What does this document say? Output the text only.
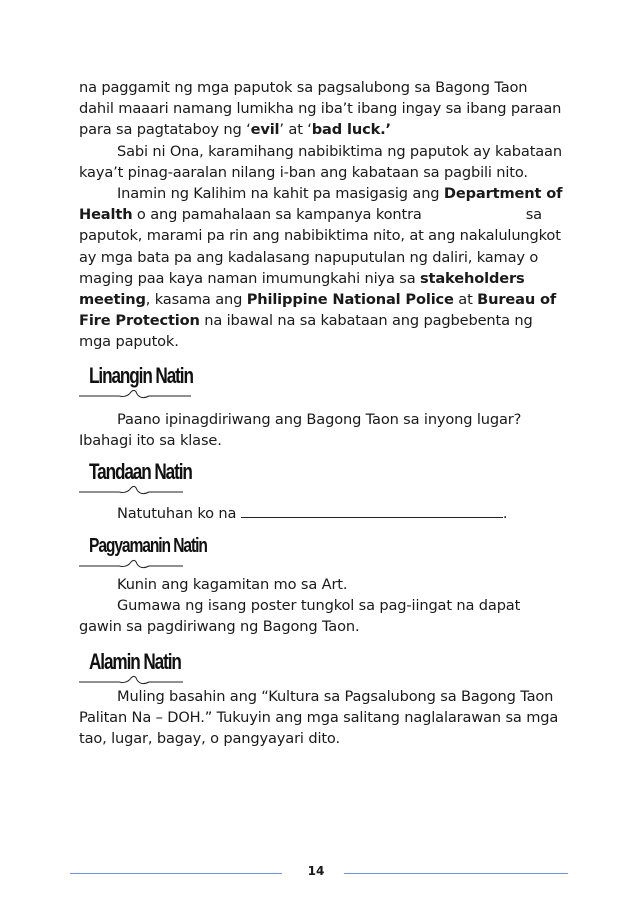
na paggamit ng mga paputok sa pagsalubong sa Bagong Taon dahil maaari namang lumikha ng iba’t ibang ingay sa ibang paraan para sa pagtataboy ng ‘evil’ at ‘bad luck.’

Sabi ni Ona, karamihang nabibiktima ng paputok ay kabataan kaya’t pinag-aaralan nilang i-ban ang kabataan sa pagbili nito.

Inamin ng Kalihim na kahit pa masigasig ang Department of Health o ang pamahalaan sa kampanya kontra	sa paputok, marami pa rin ang nabibiktima nito, at ang nakalulungkot ay mga bata pa ang kadalasang napuputulan ng daliri, kamay o maging paa kaya naman imumungkahi niya sa stakeholders meeting, kasama ang Philippine National Police at Bureau of Fire Protection na ibawal na sa kabataan ang pagbebenta ng mga paputok.

Linangin Natin

Paano ipinagdiriwang ang Bagong Taon sa inyong lugar? Ibahagi ito sa klase.

Tandaan Natin

Natutuhan ko na	.

Pagyamanin Natin

Kunin ang kagamitan mo sa Art.

Gumawa ng isang poster tungkol sa pag-iingat na dapat gawin sa pagdiriwang ng Bagong Taon.

Alamin Natin

Muling basahin ang “Kultura sa Pagsalubong sa Bagong Taon Palitan Na – DOH.” Tukuyin ang mga salitang naglalarawan sa mga tao, lugar, bagay, o pangyayari dito.

14
